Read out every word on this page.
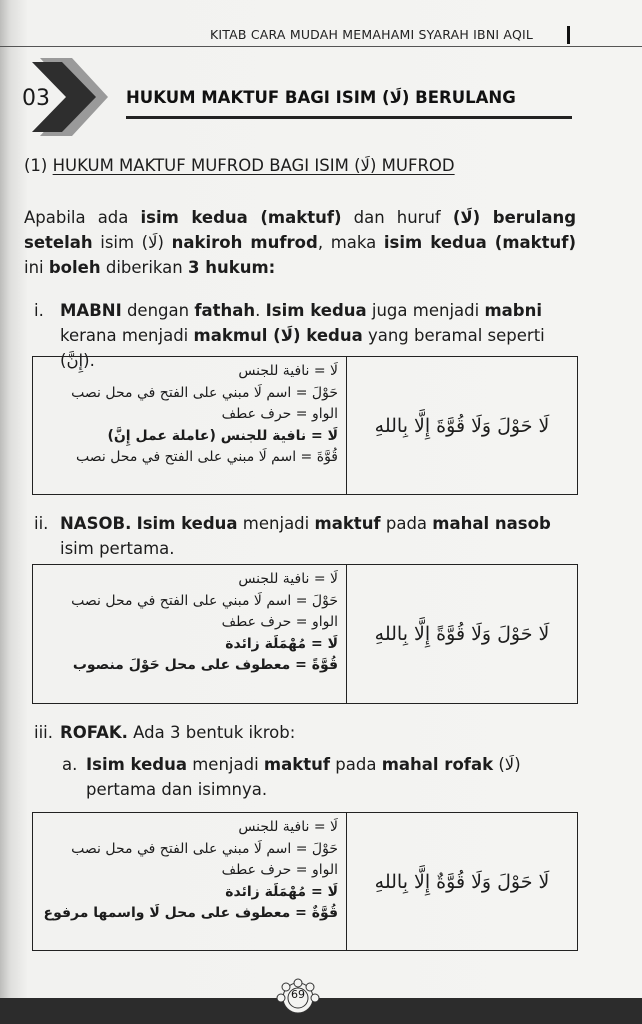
KITAB CARA MUDAH MEMAHAMI SYARAH IBNI AQIL
03	HUKUM MAKTUF BAGI ISIM (لَا) BERULANG
(1) HUKUM MAKTUF MUFROD BAGI ISIM (لَا) MUFROD
Apabila ada isim kedua (maktuf) dan huruf (لَا) berulang setelah isim (لَا) nakiroh mufrod, maka isim kedua (maktuf) ini boleh diberikan 3 hukum:
i. MABNI dengan fathah. Isim kedua juga menjadi mabni kerana menjadi makmul (لَا) kedua yang beramal seperti (إِنَّ).
لَا = نافية للجنس
حَوْلَ = اسم لَا مبني على الفتح في محل نصب
الواو = حرف عطف
لَا = نافية للجنس (عاملة عمل إِنَّ)
قُوَّةَ = اسم لَا مبني على الفتح في محل نصب
لَا حَوْلَ وَلَا قُوَّةَ إِلَّا بِاللهِ
ii. NASOB. Isim kedua menjadi maktuf pada mahal nasob isim pertama.
لَا = نافية للجنس
حَوْلَ = اسم لَا مبني على الفتح في محل نصب
الواو = حرف عطف
لَا = مُهْمَلَة زائدة
قُوَّةً = معطوف على محل حَوْلَ منصوب
لَا حَوْلَ وَلَا قُوَّةً إِلَّا بِاللهِ
iii. ROFAK. Ada 3 bentuk ikrob:
a. Isim kedua menjadi maktuf pada mahal rofak (لَا) pertama dan isimnya.
لَا = نافية للجنس
حَوْلَ = اسم لَا مبني على الفتح في محل نصب
الواو = حرف عطف
لَا = مُهْمَلَة زائدة
قُوَّةٌ = معطوف على محل لَا واسمها مرفوع
لَا حَوْلَ وَلَا قُوَّةٌ إِلَّا بِاللهِ
69
